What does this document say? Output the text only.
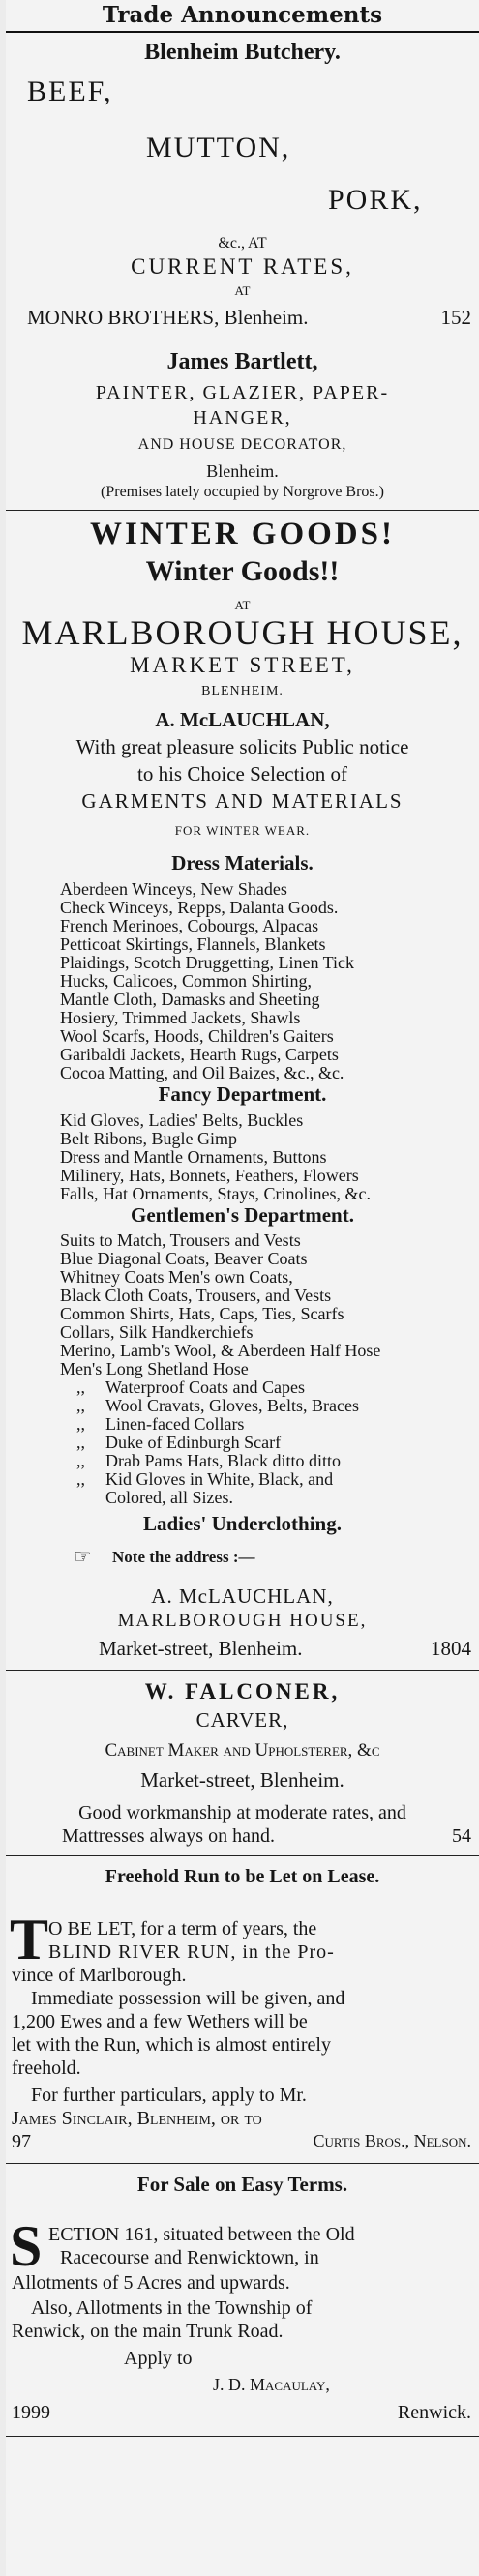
Trade Announcements
Blenheim Butchery.
BEEF,
MUTTON,
PORK,
&c., AT
CURRENT RATES,
AT
MONRO BROTHERS, Blenheim.	152
James Bartlett,
PAINTER, GLAZIER, PAPER-
HANGER,
AND HOUSE DECORATOR,
Blenheim.
(Premises lately occupied by Norgrove Bros.)
WINTER GOODS!
Winter Goods!!
AT
MARLBOROUGH HOUSE,
MARKET STREET,
BLENHEIM.
A. McLAUCHLAN,
With great pleasure solicits Public notice
to his Choice Selection of
GARMENTS AND MATERIALS
FOR WINTER WEAR.
Dress Materials.
Aberdeen Winceys, New Shades
Check Winceys, Repps, Dalanta Goods.
French Merinoes, Cobourgs, Alpacas
Petticoat Skirtings, Flannels, Blankets
Plaidings, Scotch Druggetting, Linen Tick
Hucks, Calicoes, Common Shirting,
Mantle Cloth, Damasks and Sheeting
Hosiery, Trimmed Jackets, Shawls
Wool Scarfs, Hoods, Children's Gaiters
Garibaldi Jackets, Hearth Rugs, Carpets
Cocoa Matting, and Oil Baizes, &c., &c.
Fancy Department.
Kid Gloves, Ladies' Belts, Buckles
Belt Ribons, Bugle Gimp
Dress and Mantle Ornaments, Buttons
Milinery, Hats, Bonnets, Feathers, Flowers
Falls, Hat Ornaments, Stays, Crinolines, &c.
Gentlemen's Department.
Suits to Match, Trousers and Vests
Blue Diagonal Coats, Beaver Coats
Whitney Coats Men's own Coats,
Black Cloth Coats, Trousers, and Vests
Common Shirts, Hats, Caps, Ties, Scarfs
Collars, Silk Handkerchiefs
Merino, Lamb's Wool, & Aberdeen Half Hose
Men's Long Shetland Hose
,, Waterproof Coats and Capes
,, Wool Cravats, Gloves, Belts, Braces
,, Linen-faced Collars
,, Duke of Edinburgh Scarf
,, Drab Pams Hats, Black ditto ditto
,, Kid Gloves in White, Black, and
Colored, all Sizes.
Ladies' Underclothing.
☞ Note the address :—
A. McLAUCHLAN,
MARLBOROUGH HOUSE,
Market-street, Blenheim.	1804
W. FALCONER,
CARVER,
Cabinet Maker and Upholsterer, &c
Market-street, Blenheim.
Good workmanship at moderate rates, and
Mattresses always on hand.	54
Freehold Run to be Let on Lease.
T O BE LET, for a term of years, the
BLIND RIVER RUN, in the Pro-
vince of Marlborough.
Immediate possession will be given, and
1,200 Ewes and a few Wethers will be
let with the Run, which is almost entirely
freehold.
For further particulars, apply to Mr.
James Sinclair, Blenheim, or to
97	Curtis Bros., Nelson.
For Sale on Easy Terms.
S ECTION 161, situated between the Old
Racecourse and Renwicktown, in
Allotments of 5 Acres and upwards.
Also, Allotments in the Township of
Renwick, on the main Trunk Road.
Apply to
J. D. Macaulay,
1999	Renwick.
